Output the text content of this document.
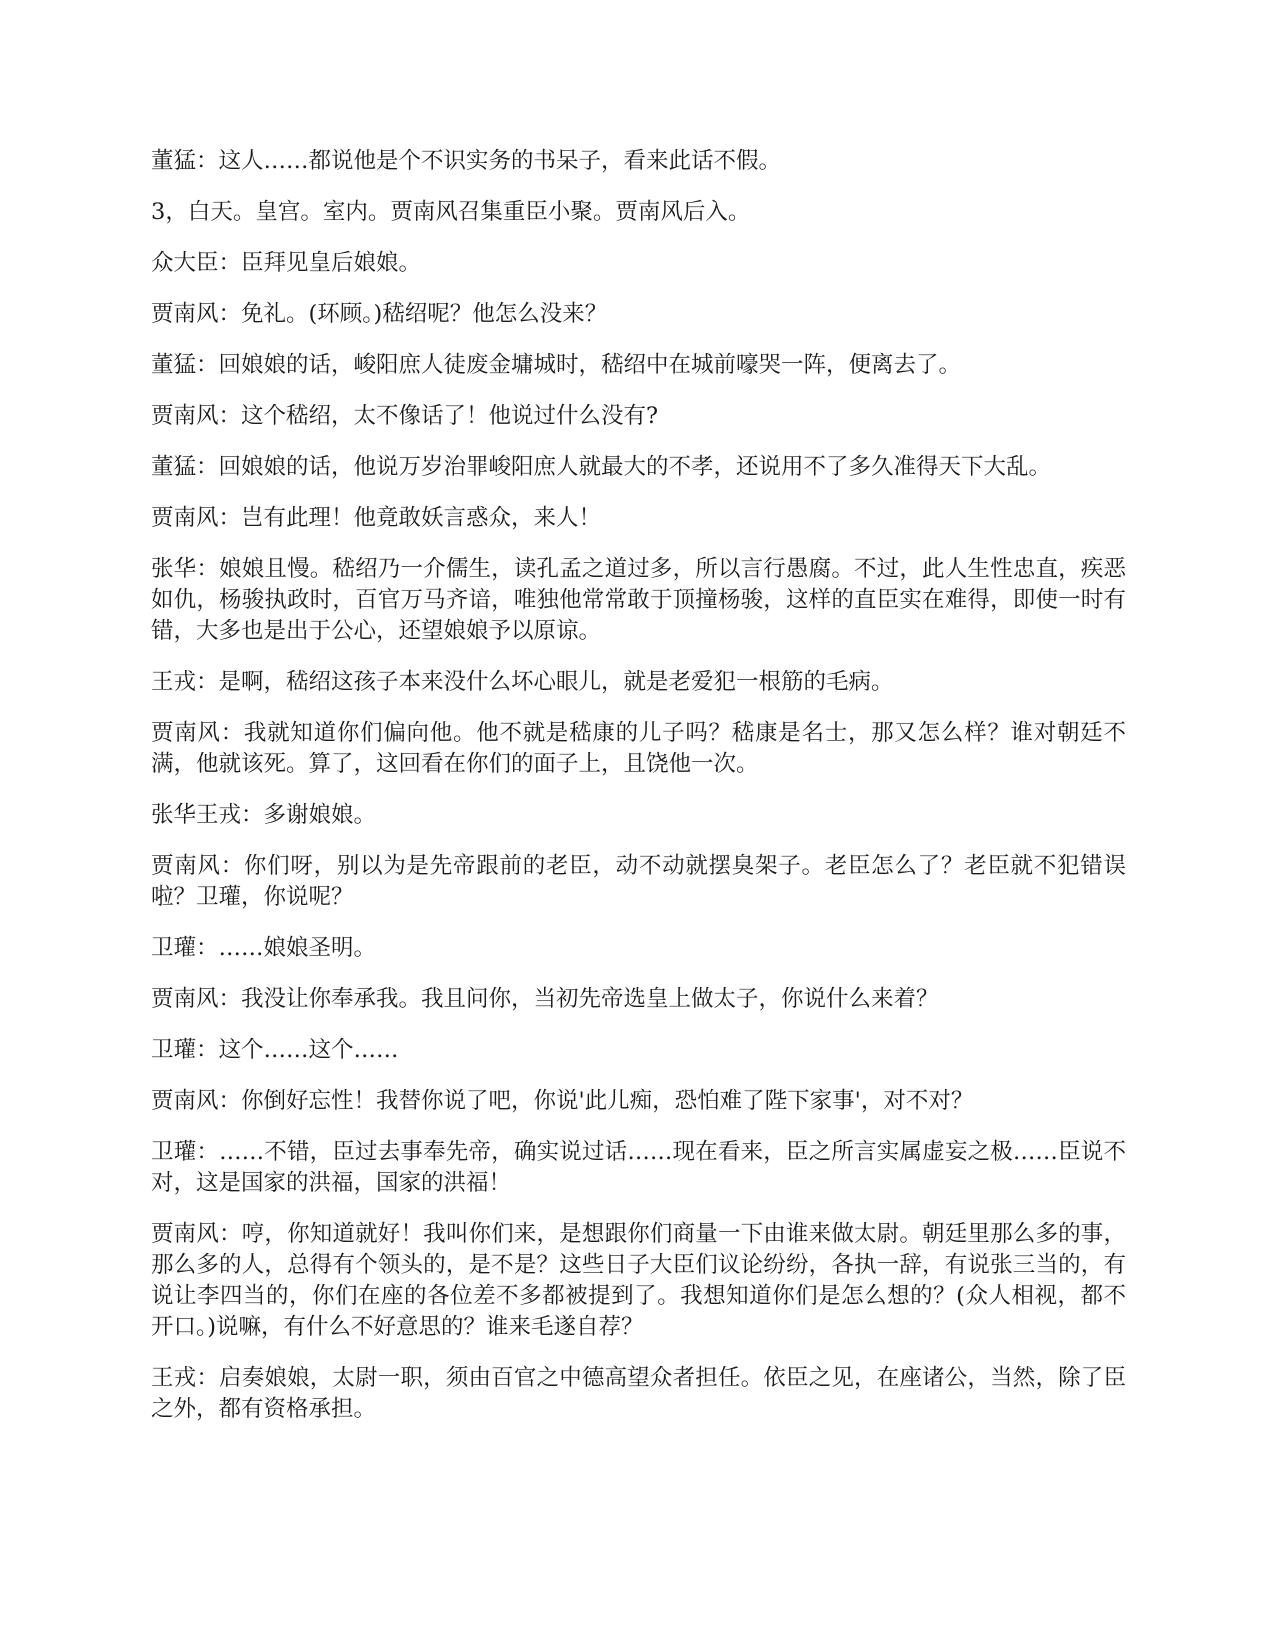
董猛：这人……都说他是个不识实务的书呆子，看来此话不假。

3，白天。皇宫。室内。贾南风召集重臣小聚。贾南风后入。

众大臣：臣拜见皇后娘娘。

贾南风：免礼。(环顾。)嵇绍呢？他怎么没来？

董猛：回娘娘的话，峻阳庶人徒废金墉城时，嵇绍中在城前嚎哭一阵，便离去了。

贾南风：这个嵇绍，太不像话了！他说过什么没有?

董猛：回娘娘的话，他说万岁治罪峻阳庶人就最大的不孝，还说用不了多久准得天下大乱。

贾南风：岂有此理！他竟敢妖言惑众，来人！

张华：娘娘且慢。嵇绍乃一介儒生，读孔孟之道过多，所以言行愚腐。不过，此人生性忠直，疾恶如仇，杨骏执政时，百官万马齐谙，唯独他常常敢于顶撞杨骏，这样的直臣实在难得，即使一时有错，大多也是出于公心，还望娘娘予以原谅。

王戎：是啊，嵇绍这孩子本来没什么坏心眼儿，就是老爱犯一根筋的毛病。

贾南风：我就知道你们偏向他。他不就是嵇康的儿子吗？嵇康是名士，那又怎么样？谁对朝廷不满，他就该死。算了，这回看在你们的面子上，且饶他一次。

张华王戎：多谢娘娘。

贾南风：你们呀，别以为是先帝跟前的老臣，动不动就摆臭架子。老臣怎么了？老臣就不犯错误啦？卫瓘，你说呢？

卫瓘：……娘娘圣明。

贾南风：我没让你奉承我。我且问你，当初先帝选皇上做太子，你说什么来着？

卫瓘：这个……这个……

贾南风：你倒好忘性！我替你说了吧，你说'此儿痴，恐怕难了陛下家事'，对不对？

卫瓘：……不错，臣过去事奉先帝，确实说过话……现在看来，臣之所言实属虚妄之极……臣说不对，这是国家的洪福，国家的洪福！

贾南风：哼，你知道就好！我叫你们来，是想跟你们商量一下由谁来做太尉。朝廷里那么多的事，那么多的人，总得有个领头的，是不是？这些日子大臣们议论纷纷，各执一辞，有说张三当的，有说让李四当的，你们在座的各位差不多都被提到了。我想知道你们是怎么想的？(众人相视，都不开口。)说嘛，有什么不好意思的？谁来毛遂自荐？

王戎：启奏娘娘，太尉一职，须由百官之中德高望众者担任。依臣之见，在座诸公，当然，除了臣之外，都有资格承担。
